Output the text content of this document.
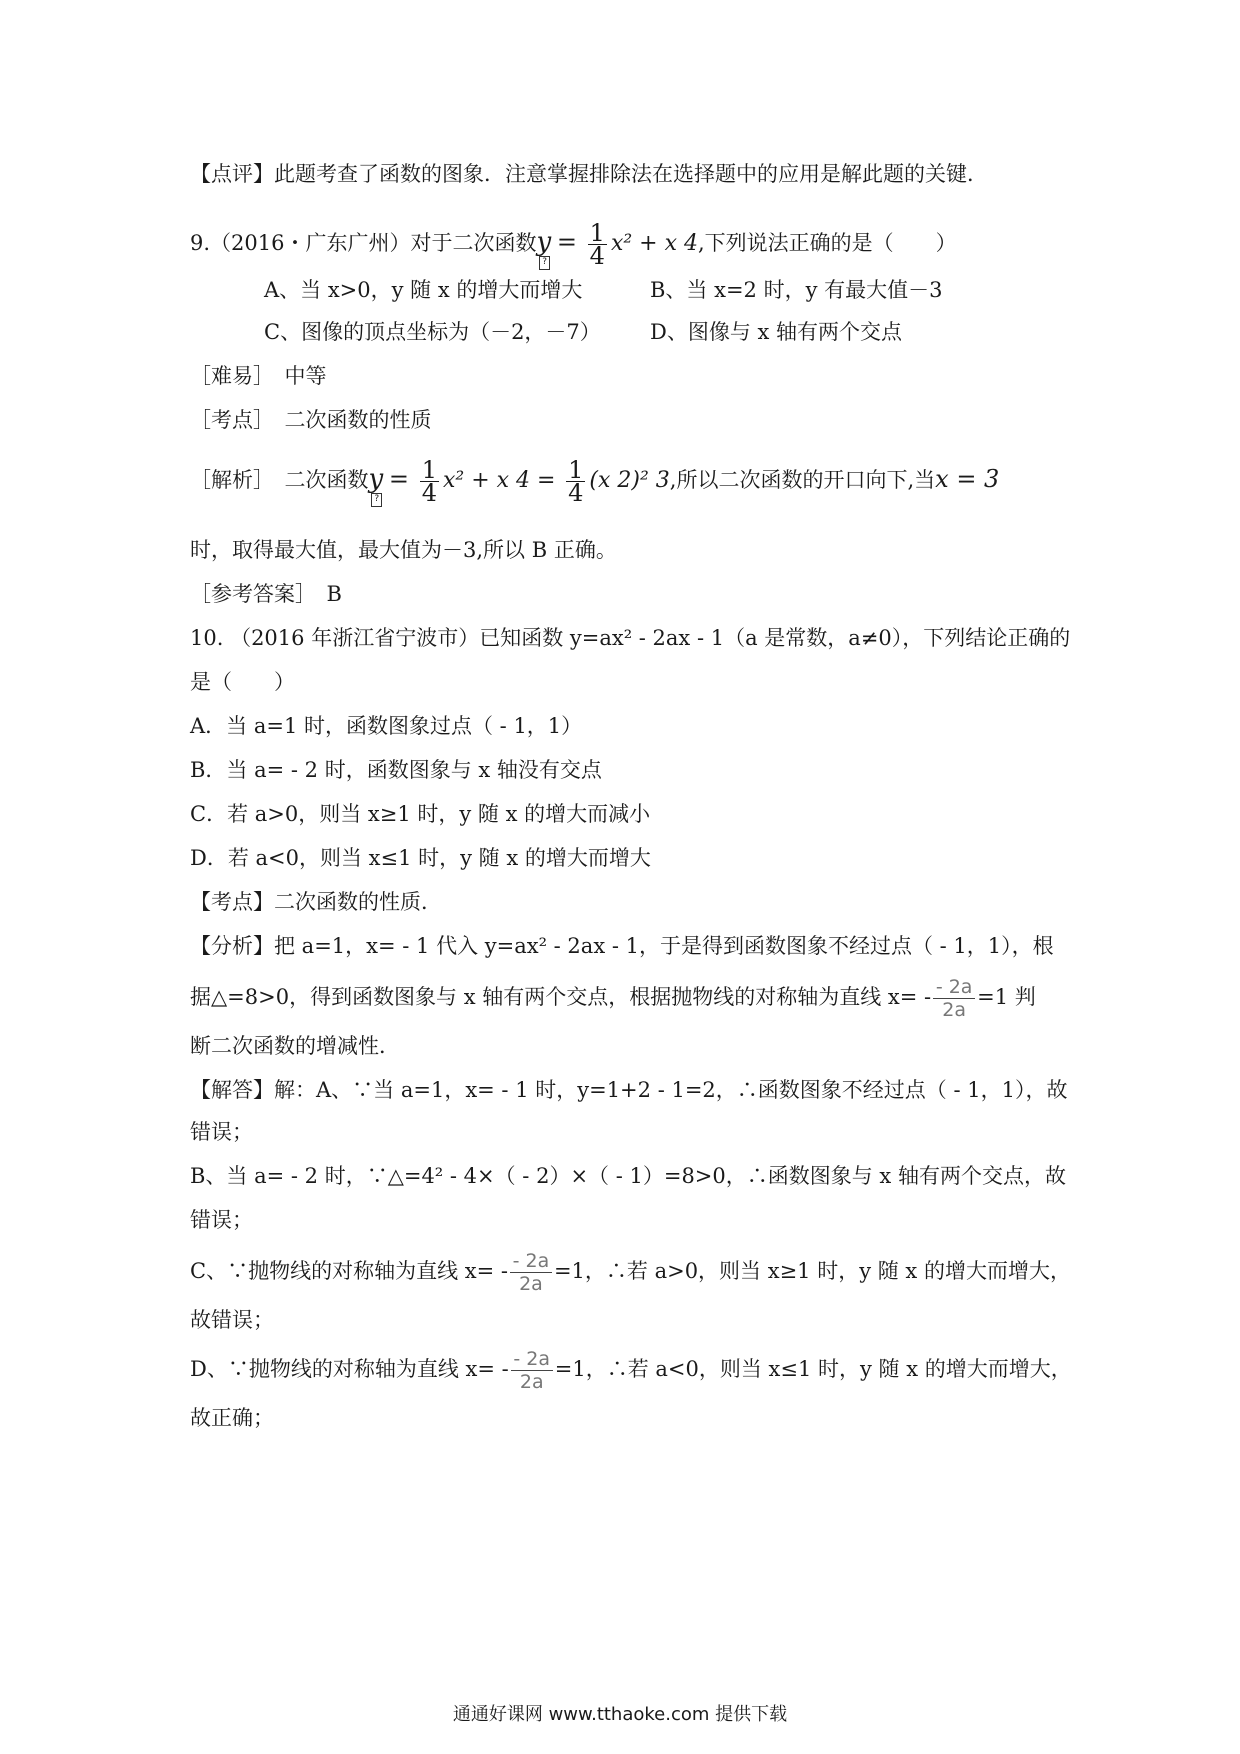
【点评】此题考查了函数的图象．注意掌握排除法在选择题中的应用是解此题的关键．
9.（2016・广东广州）对于二次函数y? = $\frac{1}{4} x^2 + x$ 4,下列说法正确的是（　　）
A、当 x>0，y 随 x 的增大而增大	B、当 x=2 时，y 有最大值－3
C、图像的顶点坐标为（－2，－7） D、图像与 x 轴有两个交点
［难易］　中等
［考点］　二次函数的性质
［解析］　二次函数y? = $\frac{1}{4} x^2 + x$ $4 = \frac{1}{4} (x$ 2)² 3,所以二次函数的开口向下,当x = 3
时，取得最大值，最大值为－3,所以 B 正确。
［参考答案］　B
10. （2016 年浙江省宁波市）已知函数 y=ax² - 2ax - 1（a 是常数，a≠0），下列结论正确的
是（　　）
A．当 a=1 时，函数图象过点（ - 1，1）
B．当 a= - 2 时，函数图象与 x 轴没有交点
C．若 a>0，则当 x≥1 时，y 随 x 的增大而减小
D．若 a<0，则当 x≤1 时，y 随 x 的增大而增大
【考点】二次函数的性质．
【分析】把 a=1，x= - 1 代入 y=ax² - 2ax - 1，于是得到函数图象不经过点（ - 1，1），根
据△=8>0，得到函数图象与 x 轴有两个交点，根据抛物线的对称轴为直线 $x= - \frac{- 2a}{2a} =1$ 判
断二次函数的增减性．
【解答】解：A、∵当 a=1，x= - 1 时，y=1+2 - 1=2，∴函数图象不经过点（ - 1，1），故
错误；
B、当 a= - 2 时，∵△=4² - 4×（ - 2）×（ - 1）=8>0，∴函数图象与 x 轴有两个交点，故
错误；
C、∵抛物线的对称轴为直线 $x= - \frac{- 2a}{2a} =1$，∴若 a>0，则当 x≥1 时，y 随 x 的增大而增大，
故错误；
D、∵抛物线的对称轴为直线 $x= - \frac{- 2a}{2a} =1$，∴若 a<0，则当 x≤1 时，y 随 x 的增大而增大，
故正确；
通通好课网 www.tthaoke.com 提供下载
